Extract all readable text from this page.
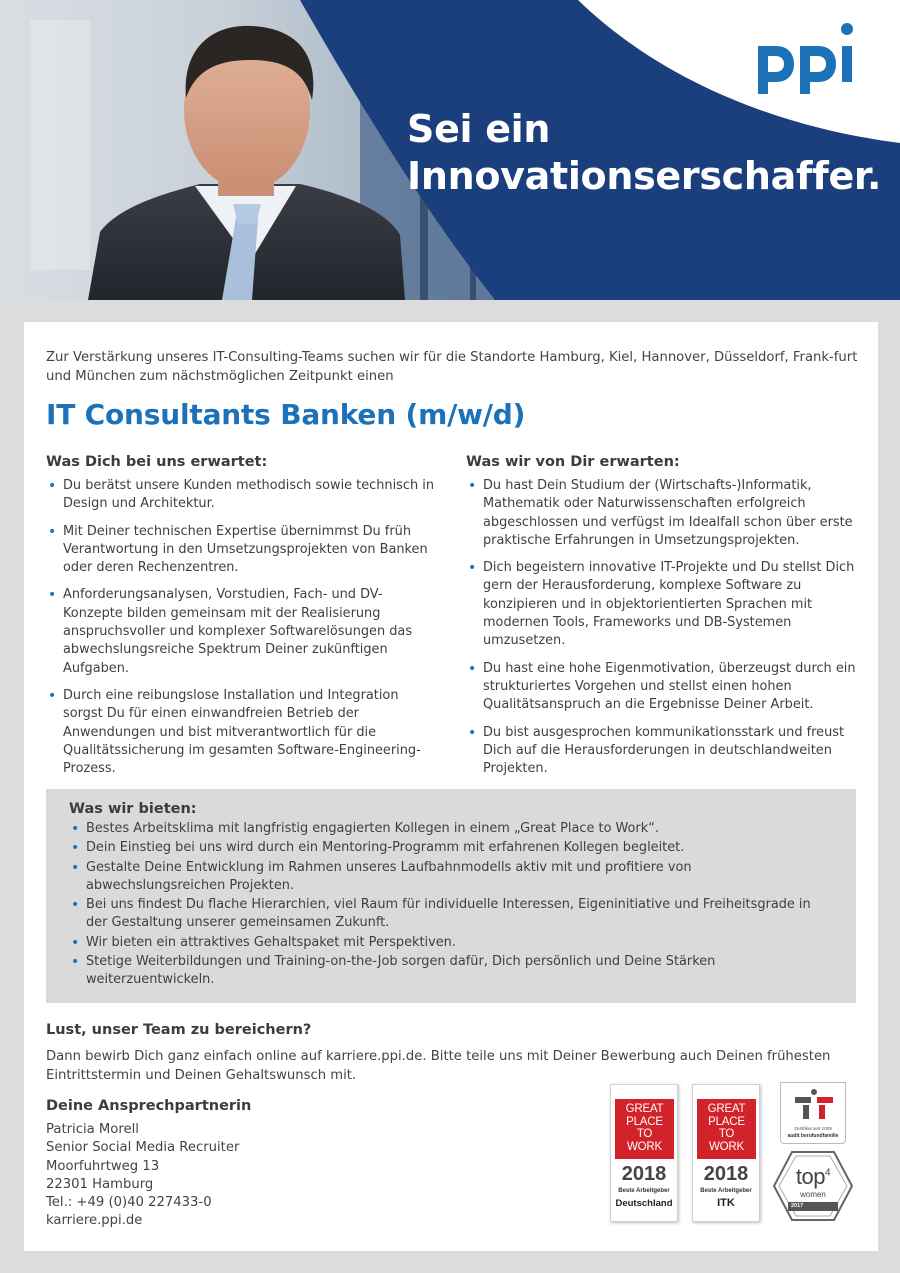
Sei ein
Innovationserschaffer.
Zur Verstärkung unseres IT-Consulting-Teams suchen wir für die Standorte Hamburg, Kiel, Hannover, Düsseldorf, Frank-furt und München zum nächstmöglichen Zeitpunkt einen
IT Consultants Banken (m/w/d)
Was Dich bei uns erwartet:
• Du berätst unsere Kunden methodisch sowie technisch in Design und Architektur.
• Mit Deiner technischen Expertise übernimmst Du früh Verantwortung in den Umsetzungsprojekten von Banken oder deren Rechenzentren.
• Anforderungsanalysen, Vorstudien, Fach- und DV-Konzepte bilden gemeinsam mit der Realisierung anspruchsvoller und komplexer Softwarelösungen das abwechslungsreiche Spektrum Deiner zukünftigen Aufgaben.
• Durch eine reibungslose Installation und Integration sorgst Du für einen einwandfreien Betrieb der Anwendungen und bist mitverantwortlich für die Qualitätssicherung im gesamten Software-Engineering-Prozess.
Was wir von Dir erwarten:
• Du hast Dein Studium der (Wirtschafts-)Informatik, Mathematik oder Naturwissenschaften erfolgreich abgeschlossen und verfügst im Idealfall schon über erste praktische Erfahrungen in Umsetzungsprojekten.
• Dich begeistern innovative IT-Projekte und Du stellst Dich gern der Herausforderung, komplexe Software zu konzipieren und in objektorientierten Sprachen mit modernen Tools, Frameworks und DB-Systemen umzusetzen.
• Du hast eine hohe Eigenmotivation, überzeugst durch ein strukturiertes Vorgehen und stellst einen hohen Qualitätsanspruch an die Ergebnisse Deiner Arbeit.
• Du bist ausgesprochen kommunikationsstark und freust Dich auf die Herausforderungen in deutschlandweiten Projekten.
Was wir bieten:
• Bestes Arbeitsklima mit langfristig engagierten Kollegen in einem „Great Place to Work“.
• Dein Einstieg bei uns wird durch ein Mentoring-Programm mit erfahrenen Kollegen begleitet.
• Gestalte Deine Entwicklung im Rahmen unseres Laufbahnmodells aktiv mit und profitiere von abwechslungsreichen Projekten.
• Bei uns findest Du flache Hierarchien, viel Raum für individuelle Interessen, Eigeninitiative und Freiheitsgrade in der Gestaltung unserer gemeinsamen Zukunft.
• Wir bieten ein attraktives Gehaltspaket mit Perspektiven.
• Stetige Weiterbildungen und Training-on-the-Job sorgen dafür, Dich persönlich und Deine Stärken weiterzuentwickeln.
Lust, unser Team zu bereichern?
Dann bewirb Dich ganz einfach online auf karriere.ppi.de. Bitte teile uns mit Deiner Bewerbung auch Deinen frühesten Eintrittstermin und Deinen Gehaltswunsch mit.
Deine Ansprechpartnerin
Patricia Morell
Senior Social Media Recruiter
Moorfuhrtweg 13
22301 Hamburg
Tel.: +49 (0)40 227433-0
karriere.ppi.de
GREAT
PLACE
TO
WORK
2018
Beste Arbeitgeber
Deutschland
GREAT
PLACE
TO
WORK
2018
Beste Arbeitgeber
ITK
Zertifikat seit 2009
audit berufundfamilie
top$^4$
women
2017
